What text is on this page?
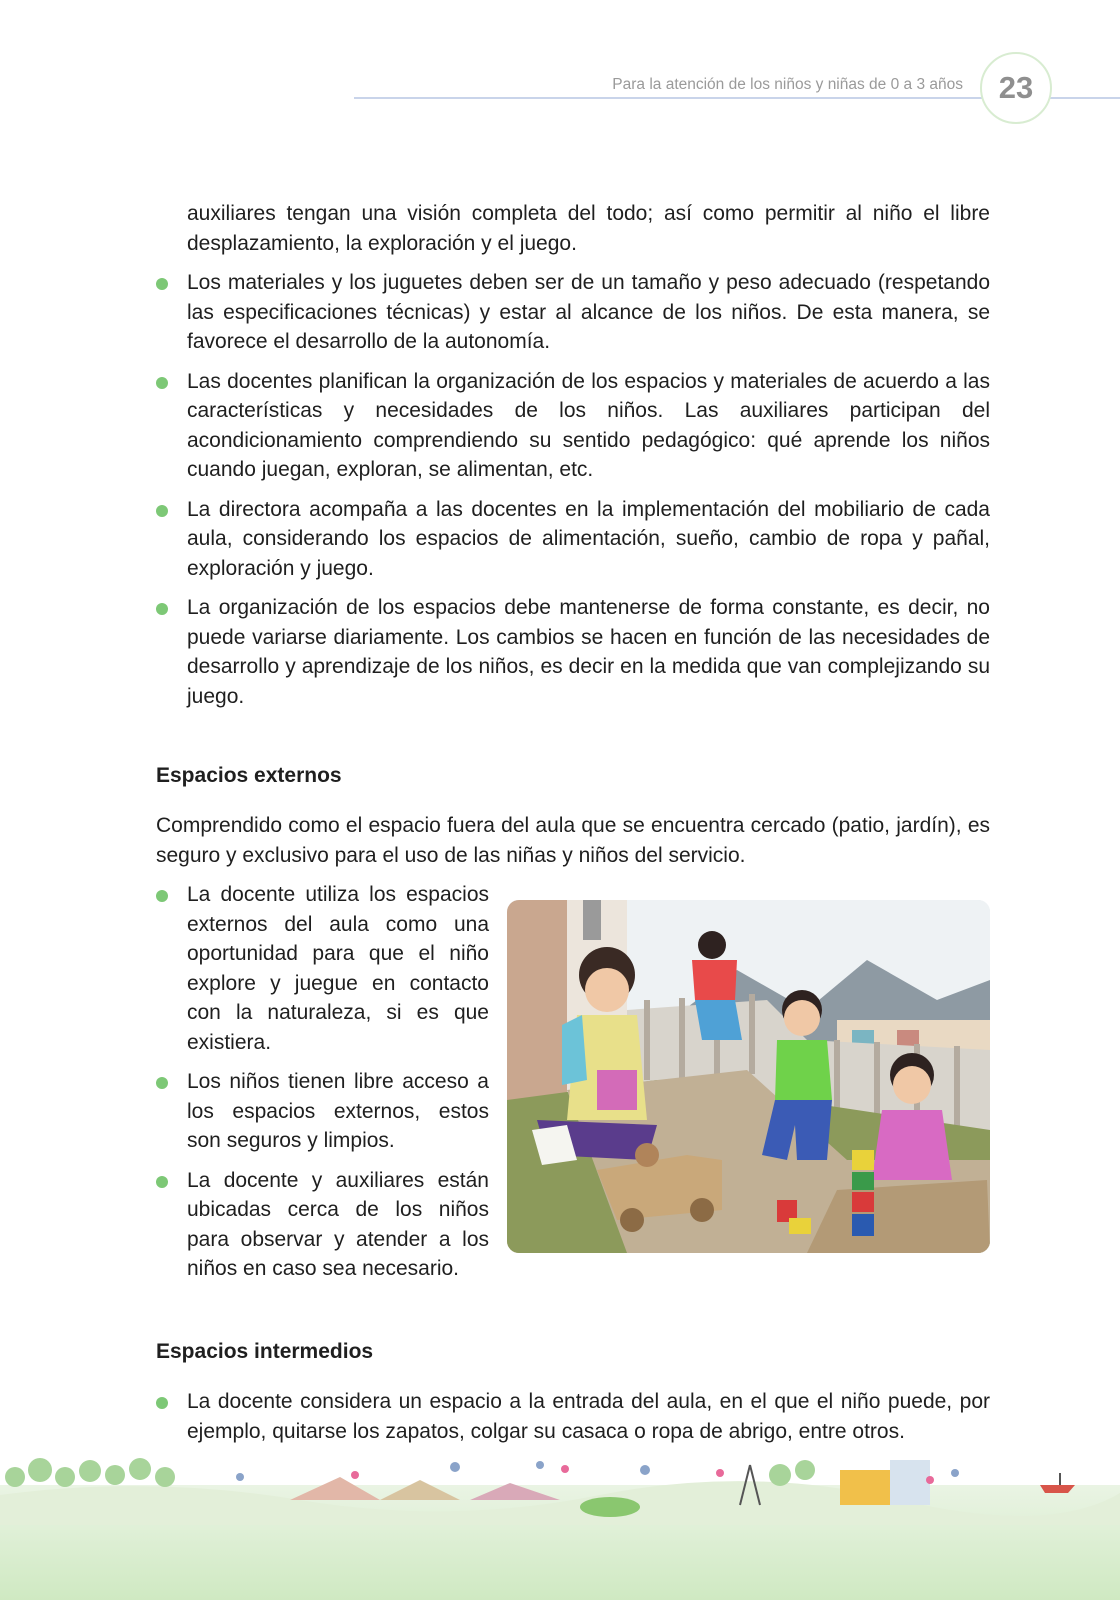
Para la atención de los niños y niñas de 0 a 3 años 23

auxiliares tengan una visión completa del todo; así como permitir al niño el libre desplazamiento, la exploración y el juego.

Los materiales y los juguetes deben ser de un tamaño y peso adecuado (respetando las especificaciones técnicas) y estar al alcance de los niños. De esta manera, se favorece el desarrollo de la autonomía.

Las docentes planifican la organización de los espacios y materiales de acuerdo a las características y necesidades de los niños. Las auxiliares participan del acondicionamiento comprendiendo su sentido pedagógico: qué aprende los niños cuando juegan, exploran, se alimentan, etc.

La directora acompaña a las docentes en la implementación del mobiliario de cada aula, considerando los espacios de alimentación, sueño, cambio de ropa y pañal, exploración y juego.

La organización de los espacios debe mantenerse de forma constante, es decir, no puede variarse diariamente. Los cambios se hacen en función de las necesidades de desarrollo y aprendizaje de los niños, es decir en la medida que van complejizando su juego.

Espacios externos

Comprendido como el espacio fuera del aula que se encuentra cercado (patio, jardín), es seguro y exclusivo para el uso de las niñas y niños del servicio.

La docente utiliza los espacios externos del aula como una oportunidad para que el niño explore y juegue en contacto con la naturaleza, si es que existiera.

Los niños tienen libre acceso a los espacios externos, estos son seguros y limpios.

La docente y auxiliares están ubicadas cerca de los niños para observar y atender a los niños en caso sea necesario.

Espacios intermedios

La docente considera un espacio a la entrada del aula, en el que el niño puede, por ejemplo, quitarse los zapatos, colgar su casaca o ropa de abrigo, entre otros.
